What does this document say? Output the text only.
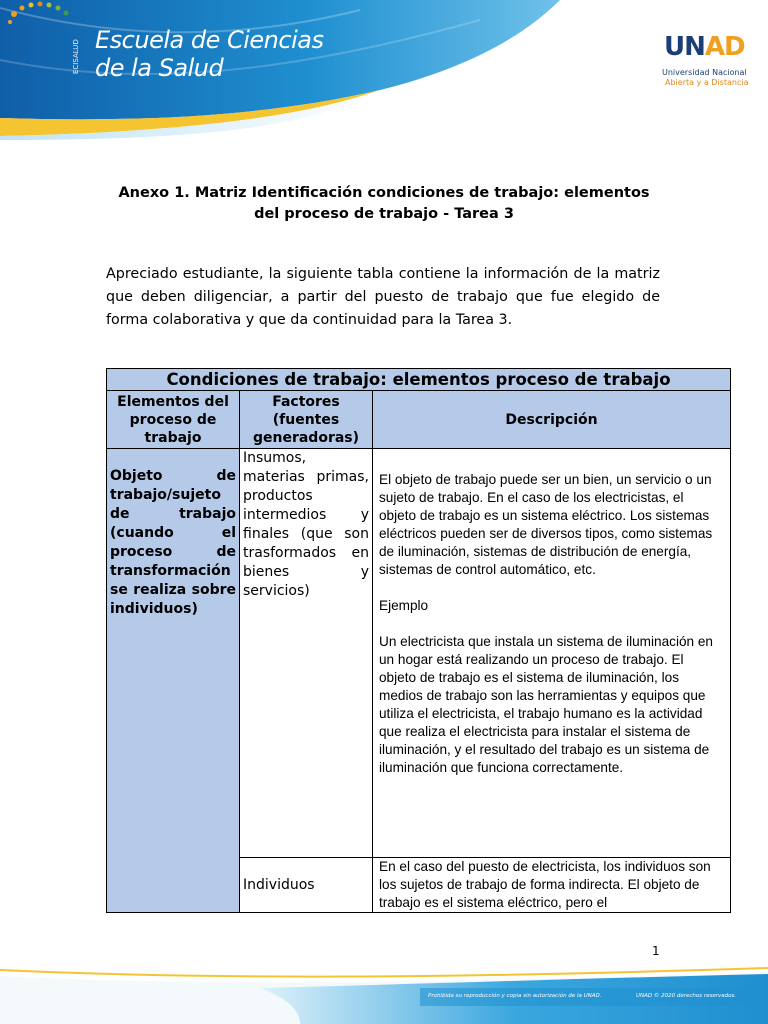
ECISALUD Escuela de Ciencias
de la Salud
UNAD
Universidad Nacional
Abierta y a Distancia
Anexo 1. Matriz Identificación condiciones de trabajo: elementos
del proceso de trabajo - Tarea 3
Apreciado estudiante, la siguiente tabla contiene la información de la matriz que deben diligenciar, a partir del puesto de trabajo que fue elegido de forma colaborativa y que da continuidad para la Tarea 3.
Condiciones de trabajo: elementos proceso de trabajo		
Elementos del proceso de trabajo	Factores (fuentes generadoras)	Descripción
Objeto de trabajo/sujeto de trabajo (cuando el proceso de transformación se realiza sobre individuos)	Insumos, materias primas, productos intermedios y finales (que son trasformados en bienes y servicios)	El objeto de trabajo puede ser un bien, un servicio o un sujeto de trabajo. En el caso de los electricistas, el objeto de trabajo es un sistema eléctrico. Los sistemas eléctricos pueden ser de diversos tipos, como sistemas de iluminación, sistemas de distribución de energía, sistemas de control automático, etc.

Ejemplo

Un electricista que instala un sistema de iluminación en un hogar está realizando un proceso de trabajo. El objeto de trabajo es el sistema de iluminación, los medios de trabajo son las herramientas y equipos que utiliza el electricista, el trabajo humano es la actividad que realiza el electricista para instalar el sistema de iluminación, y el resultado del trabajo es un sistema de iluminación que funciona correctamente.

	Individuos	En el caso del puesto de electricista, los individuos son los sujetos de trabajo de forma indirecta. El objeto de trabajo es el sistema eléctrico, pero el

1
Prohibida su reproducción y copia sin autorización de la UNAD.	UNAD © 2020 derechos reservados.
